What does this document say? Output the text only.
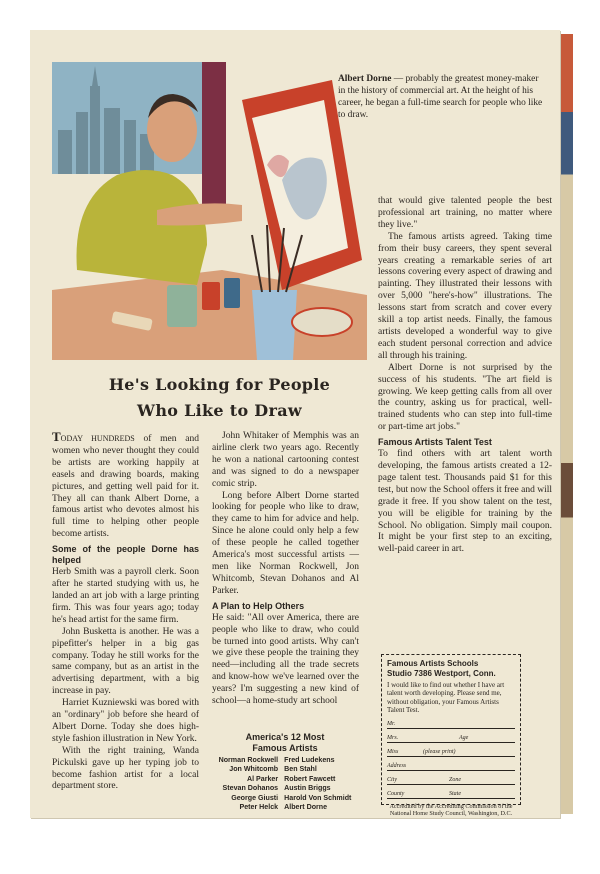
Albert Dorne — probably the greatest money-maker in the history of commercial art. At the height of his career, he began a full-time search for people who like to draw.
He's Looking for People
Who Like to Draw

TODAY HUNDREDS of men and women who never thought they could be artists are working happily at easels and drawing boards, making pictures, and getting well paid for it. They all can thank Albert Dorne, a famous artist who devotes almost his full time to helping other people become artists.

Some of the people Dorne has helped

Herb Smith was a payroll clerk. Soon after he started studying with us, he landed an art job with a large printing firm. This was four years ago; today he's head artist for the same firm.

John Busketta is another. He was a pipefitter's helper in a big gas company. Today he still works for the same company, but as an artist in the advertising department, with a big increase in pay.

Harriet Kuzniewski was bored with an "ordinary" job before she heard of Albert Dorne. Today she does high-style fashion illustration in New York.

With the right training, Wanda Pickulski gave up her typing job to become fashion artist for a local department store.

John Whitaker of Memphis was an airline clerk two years ago. Recently he won a national cartooning contest and was signed to do a newspaper comic strip.

Long before Albert Dorne started looking for people who like to draw, they came to him for advice and help. Since he alone could only help a few of these people he called together America's most successful artists —men like Norman Rockwell, Jon Whitcomb, Stevan Dohanos and Al Parker.

A Plan to Help Others

He said: "All over America, there are people who like to draw, who could be turned into good artists. Why can't we give these people the training they need—including all the trade secrets and know-how we've learned over the years? I'm suggesting a new kind of school—a home-study art school

America's 12 Most
Famous Artists
Norman Rockwell	Fred Ludekens
Jon Whitcomb	Ben Stahl
Al Parker	Robert Fawcett
Stevan Dohanos	Austin Briggs
George Giusti	Harold Von Schmidt
Peter Helck	Albert Dorne

that would give talented people the best professional art training, no matter where they live."

The famous artists agreed. Taking time from their busy careers, they spent several years creating a remarkable series of art lessons covering every aspect of drawing and painting. They illustrated their lessons with over 5,000 "here's-how" illustrations. The lessons start from scratch and cover every skill a top artist needs. Finally, the famous artists developed a wonderful way to give each student personal correction and advice all through his training.

Albert Dorne is not surprised by the success of his students. "The art field is growing. We keep getting calls from all over the country, asking us for practical, well-trained students who can step into full-time or part-time art jobs."

Famous Artists Talent Test

To find others with art talent worth developing, the famous artists created a 12-page talent test. Thousands paid $1 for this test, but now the School offers it free and will grade it free. If you show talent on the test, you will be eligible for training by the School. No obligation. Simply mail coupon. It might be your first step to an exciting, well-paid career in art.

Famous Artists Schools
Studio 7386 Westport, Conn.
I would like to find out whether I have art talent worth developing. Please send me, without obligation, your Famous Artists Talent Test.
Mr.
Mrs.	Age
Miss	(please print)
Address
City	Zone
County	State
Accredited by the Accrediting Commission of the National Home Study Council, Washington, D.C.
